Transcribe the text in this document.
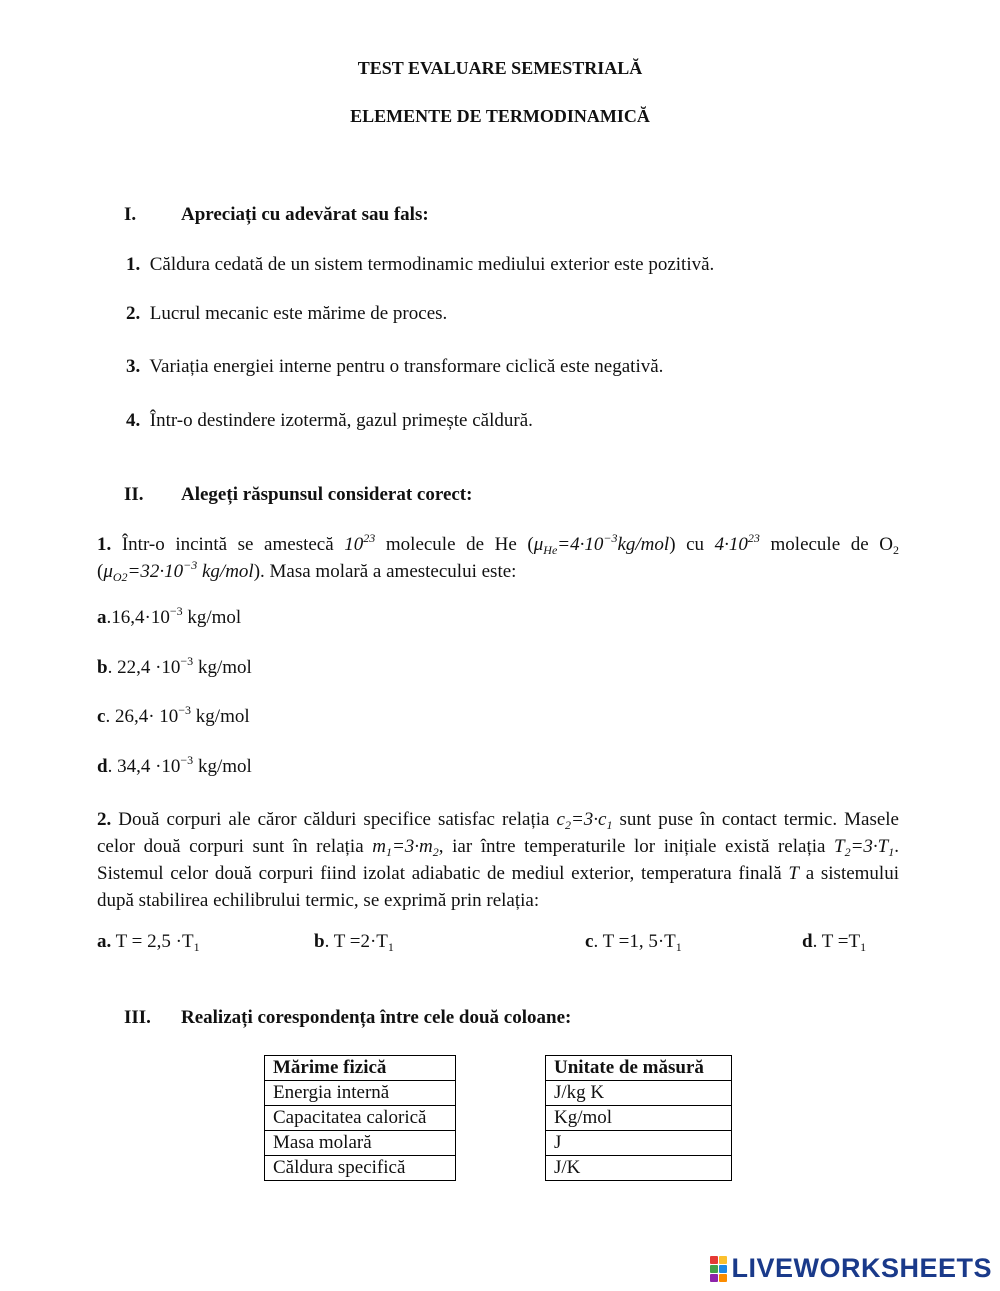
TEST EVALUARE SEMESTRIALĂ
ELEMENTE DE TERMODINAMICĂ
I. Apreciați cu adevărat sau fals:
1. Căldura cedată de un sistem termodinamic mediului exterior este pozitivă.
2. Lucrul mecanic este mărime de proces.
3. Variația energiei interne pentru o transformare ciclică este negativă.
4. Într-o destindere izotermă, gazul primește căldură.
II. Alegeți răspunsul considerat corect:
1. Într-o incintă se amestecă $10^{23}$ molecule de He $(\mu_{He}=4\cdot 10^{-3}kg/mol)$ cu $4\cdot 10^{23}$ molecule de $O_2$ ($\mu_{O2}=32\cdot 10^{-3}$ kg/mol). Masa molară a amestecului este:
$a.16,4\cdot 10^{-3}$ kg/mol
b. $22,4 \cdot 10^{-3}$ kg/mol
c. $26,4\cdot 10^{-3}$ kg/mol
d. $34,4 \cdot 10^{-3}$ kg/mol
2. Două corpuri ale căror călduri specifice satisfac relația $c_2=3\cdot c_1$ sunt puse în contact termic. Masele celor două corpuri sunt în relația $m_1=3\cdot m_2$, iar între temperaturile lor inițiale există relația $T_2=3\cdot T_1$. Sistemul celor două corpuri fiind izolat adiabatic de mediul exterior, temperatura finală T a sistemului după stabilirea echilibrului termic, se exprimă prin relația:
a. $T = 2,5 \cdot T_1$	b. $T =2\cdot T_1$	c. T =1, $5\cdot T_1$	d. $T =T_1$
III. Realizați corespondența între cele două coloane:
Mărime fizică
Energia internă
Capacitatea calorică
Masa molară
Căldura specifică
Unitate de măsură
J/kg K
Kg/mol
J
J/K
LIVEWORKSHEETS
